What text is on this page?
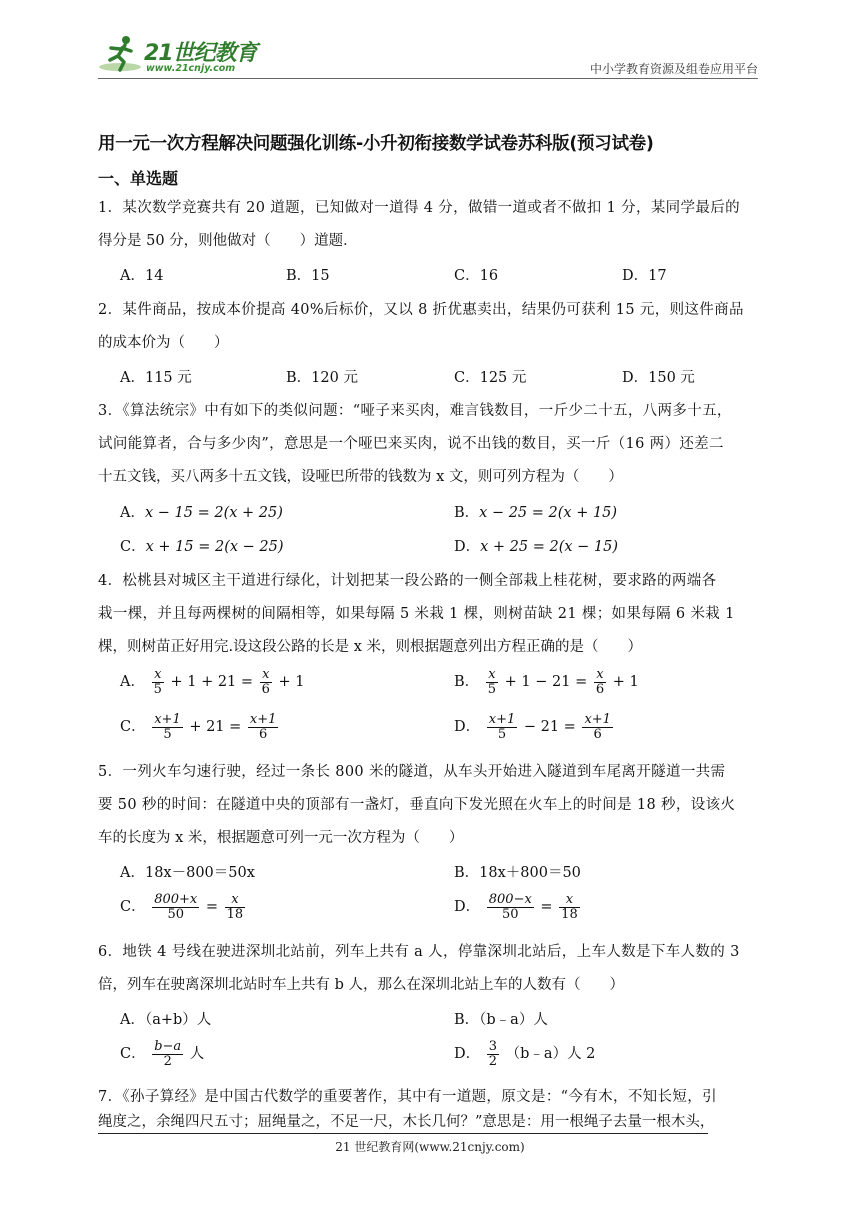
21世纪教育
www.21cnjy.com	中小学教育资源及组卷应用平台
用一元一次方程解决问题强化训练-小升初衔接数学试卷苏科版(预习试卷)
一、单选题
1．某次数学竞赛共有 20 道题，已知做对一道得 4 分，做错一道或者不做扣 1 分，某同学最后的
得分是 50 分，则他做对（　　）道题．
A．14	B．15	C．16	D．17
2．某件商品，按成本价提高 40%后标价，又以 8 折优惠卖出，结果仍可获利 15 元，则这件商品
的成本价为（　　）
A．115 元	B．120 元	C．125 元	D．150 元
3．《算法统宗》中有如下的类似问题：“哑子来买肉，难言钱数目，一斤少二十五，八两多十五，
试问能算者，合与多少肉”，意思是一个哑巴来买肉，说不出钱的数目，买一斤（16 两）还差二
十五文钱，买八两多十五文钱，设哑巴所带的钱数为 x 文，则可列方程为（　　）
A．x − 15 = 2(x + 25)	B．x − 25 = 2(x + 15)
C．x + 15 = 2(x − 25)	D．x + 25 = 2(x − 15)
4．松桃县对城区主干道进行绿化，计划把某一段公路的一侧全部栽上桂花树，要求路的两端各
栽一棵，并且每两棵树的间隔相等，如果每隔 5 米栽 1 棵，则树苗缺 21 棵；如果每隔 6 米栽 1
棵，则树苗正好用完.设这段公路的长是 x 米，则根据题意列出方程正确的是（　　）
A． $\frac{x}{5} + 1 + 21 = \frac{x}{6} + 1$	B． $\frac{x}{5} + 1 - 21 = \frac{x}{6} + 1$
C． $\frac{x+1}{5} + 21 = \frac{x+1}{6}$	D． $\frac{x+1}{5} - 21 = \frac{x+1}{6}$
5．一列火车匀速行驶，经过一条长 800 米的隧道，从车头开始进入隧道到车尾离开隧道一共需
要 50 秒的时间：在隧道中央的顶部有一盏灯，垂直向下发光照在火车上的时间是 18 秒，设该火
车的长度为 x 米，根据题意可列一元一次方程为（　　）
A．18x－800＝50x	B．18x＋800＝50
C． $\frac{800+x}{50} = \frac{x}{18}$	D． $\frac{800-x}{50} = \frac{x}{18}$
6．地铁 4 号线在驶进深圳北站前，列车上共有 a 人，停靠深圳北站后，上车人数是下车人数的 3
倍，列车在驶离深圳北站时车上共有 b 人，那么在深圳北站上车的人数有（　　）
A．（a+b）人	B．（b﹣a）人
C． $\frac{b-a}{2}$ 人	D． $\frac{3}{2}$ （b﹣a）人 2
7．《孙子算经》是中国古代数学的重要著作，其中有一道题，原文是：“今有木，不知长短，引
绳度之，余绳四尺五寸；屈绳量之，不足一尺，木长几何？”意思是：用一根绳子去量一根木头，
21 世纪教育网(www.21cnjy.com)
